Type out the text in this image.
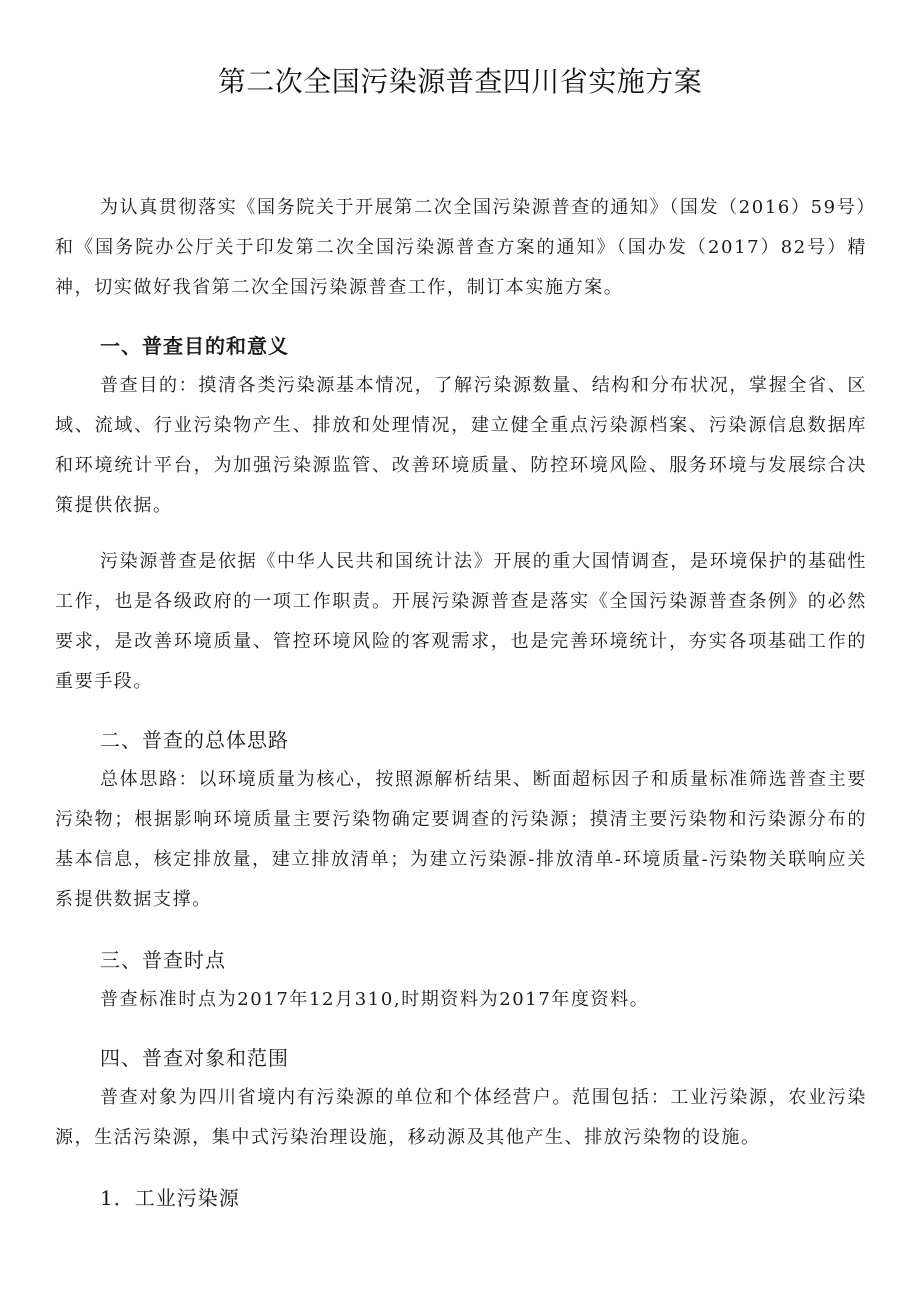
第二次全国污染源普查四川省实施方案

为认真贯彻落实《国务院关于开展第二次全国污染源普查的通知》（国发（2016）59号）和《国务院办公厅关于印发第二次全国污染源普查方案的通知》（国办发（2017）82号）精神，切实做好我省第二次全国污染源普查工作，制订本实施方案。

一、普查目的和意义

普查目的：摸清各类污染源基本情况，了解污染源数量、结构和分布状况，掌握全省、区域、流域、行业污染物产生、排放和处理情况，建立健全重点污染源档案、污染源信息数据库和环境统计平台，为加强污染源监管、改善环境质量、防控环境风险、服务环境与发展综合决策提供依据。

污染源普查是依据《中华人民共和国统计法》开展的重大国情调查，是环境保护的基础性工作，也是各级政府的一项工作职责。开展污染源普查是落实《全国污染源普查条例》的必然要求，是改善环境质量、管控环境风险的客观需求，也是完善环境统计，夯实各项基础工作的重要手段。

二、普查的总体思路

总体思路：以环境质量为核心，按照源解析结果、断面超标因子和质量标准筛选普查主要污染物；根据影响环境质量主要污染物确定要调查的污染源；摸清主要污染物和污染源分布的基本信息，核定排放量，建立排放清单；为建立污染源-排放清单-环境质量-污染物关联响应关系提供数据支撑。

三、普查时点

普查标准时点为2017年12月310,时期资料为2017年度资料。

四、普查对象和范围

普查对象为四川省境内有污染源的单位和个体经营户。范围包括：工业污染源，农业污染源，生活污染源，集中式污染治理设施，移动源及其他产生、排放污染物的设施。

1．工业污染源
